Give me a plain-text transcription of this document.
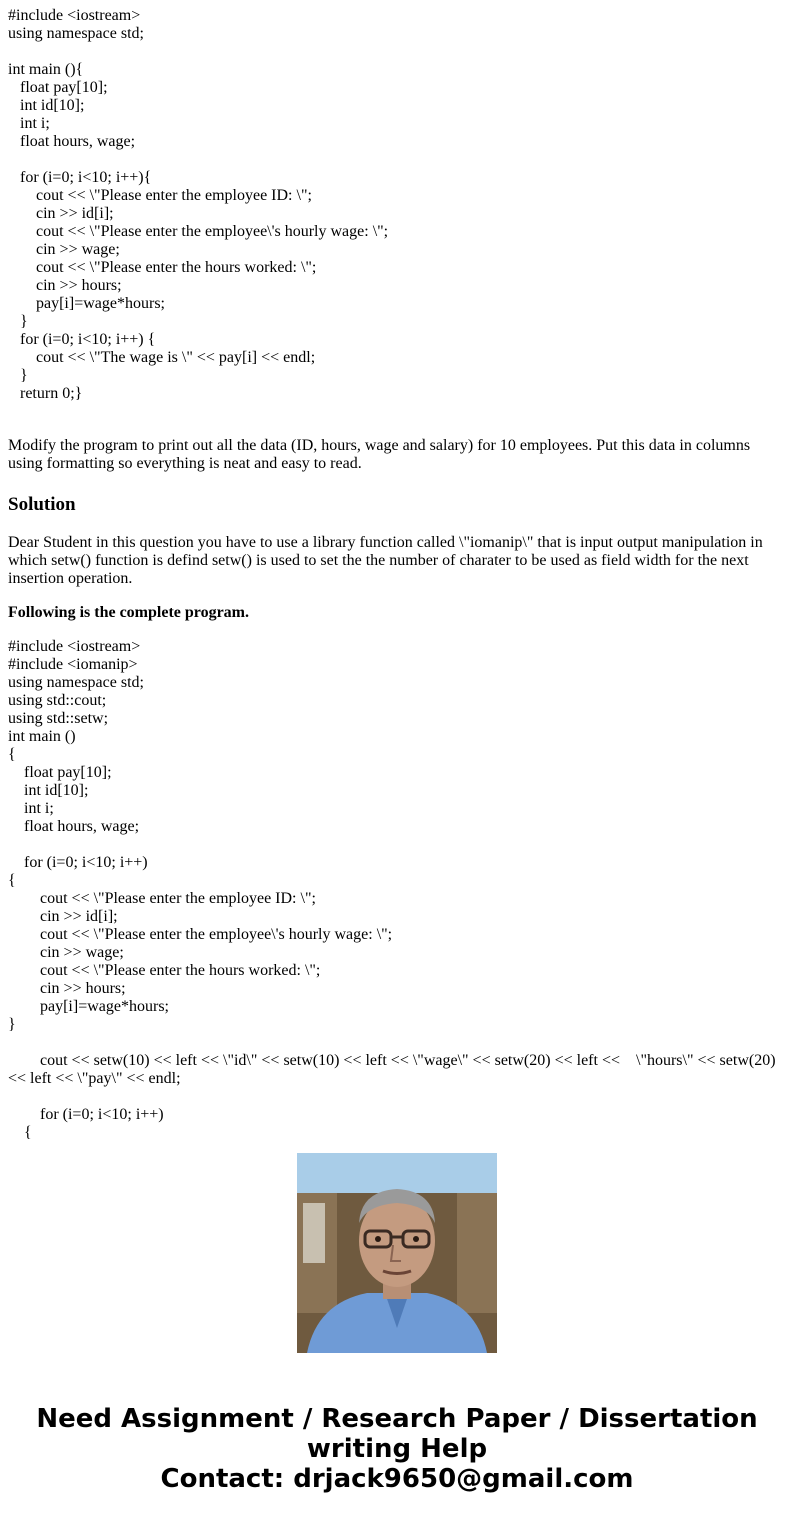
#include <iostream>
using namespace std;
int main (){
float pay[10];
int id[10];
int i;
float hours, wage;
for (i=0; i<10; i++){
cout << \"Please enter the employee ID: \";
cin >> id[i];
cout << \"Please enter the employee\'s hourly wage: \";
cin >> wage;
cout << \"Please enter the hours worked: \";
cin >> hours;
pay[i]=wage*hours;
}
for (i=0; i<10; i++) {
cout << \"The wage is \" << pay[i] << endl;
}
return 0;}

Modify the program to print out all the data (ID, hours, wage and salary) for 10 employees. Put this data in columns using formatting so everything is neat and easy to read.

Solution

Dear Student in this question you have to use a library function called \"iomanip\" that is input output manipulation in which setw() function is defind setw() is used to set the the number of charater to be used as field width for the next insertion operation.

Following is the complete program.

#include <iostream>
#include <iomanip>
using namespace std;
using std::cout;
using std::setw;
int main ()
{
float pay[10];
int id[10];
int i;
float hours, wage;
for (i=0; i<10; i++)
{
cout << \"Please enter the employee ID: \";
cin >> id[i];
cout << \"Please enter the employee\'s hourly wage: \";
cin >> wage;
cout << \"Please enter the hours worked: \";
cin >> hours;
pay[i]=wage*hours;
}
cout << setw(10) << left << \"id\" << setw(10) << left << \"wage\" << setw(20) << left <<    \"hours\" << setw(20) << left << \"pay\" << endl;
for (i=0; i<10; i++)
{
Need Assignment / Research Paper / Dissertation
writing Help
Contact: drjack9650@gmail.com
